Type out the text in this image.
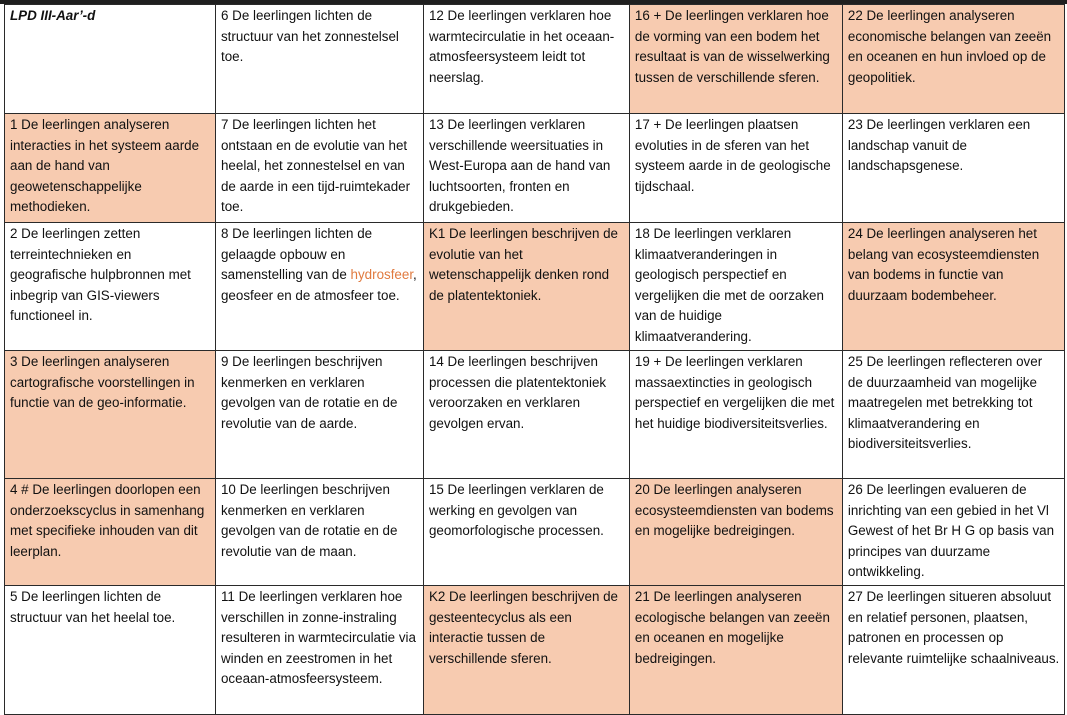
LPD III-Aar’-d	6 De leerlingen lichten de structuur van het zonnestelsel toe.	12 De leerlingen verklaren hoe warmtecirculatie in het oceaan-atmosfeersysteem leidt tot neerslag.	16 + De leerlingen verklaren hoe de vorming van een bodem het resultaat is van de wisselwerking tussen de verschillende sferen.	22 De leerlingen analyseren economische belangen van zeeën en oceanen en hun invloed op de geopolitiek.
1 De leerlingen analyseren interacties in het systeem aarde aan de hand van geowetenschappelijke methodieken.	7 De leerlingen lichten het ontstaan en de evolutie van het heelal, het zonnestelsel en van de aarde in een tijd-ruimtekader toe.	13 De leerlingen verklaren verschillende weersituaties in West-Europa aan de hand van luchtsoorten, fronten en drukgebieden.	17 + De leerlingen plaatsen evoluties in de sferen van het systeem aarde in de geologische tijdschaal.	23 De leerlingen verklaren een landschap vanuit de landschapsgenese.
2 De leerlingen zetten terreintechnieken en geografische hulpbronnen met inbegrip van GIS-viewers functioneel in.	8 De leerlingen lichten de gelaagde opbouw en samenstelling van de hydrosfeer, geosfeer en de atmosfeer toe.	K1 De leerlingen beschrijven de evolutie van het wetenschappelijk denken rond de platentektoniek.	18 De leerlingen verklaren klimaatveranderingen in geologisch perspectief en vergelijken die met de oorzaken van de huidige klimaatverandering.	24 De leerlingen analyseren het belang van ecosysteemdiensten van bodems in functie van duurzaam bodembeheer.
3 De leerlingen analyseren cartografische voorstellingen in functie van de geo-informatie.	9 De leerlingen beschrijven kenmerken en verklaren gevolgen van de rotatie en de revolutie van de aarde.	14 De leerlingen beschrijven processen die platentektoniek veroorzaken en verklaren gevolgen ervan.	19 + De leerlingen verklaren massaextincties in geologisch perspectief en vergelijken die met het huidige biodiversiteitsverlies.	25 De leerlingen reflecteren over de duurzaamheid van mogelijke maatregelen met betrekking tot klimaatverandering en biodiversiteitsverlies.
4 # De leerlingen doorlopen een onderzoekscyclus in samenhang met specifieke inhouden van dit leerplan.	10 De leerlingen beschrijven kenmerken en verklaren gevolgen van de rotatie en de revolutie van de maan.	15 De leerlingen verklaren de werking en gevolgen van geomorfologische processen.	20 De leerlingen analyseren ecosysteemdiensten van bodems en mogelijke bedreigingen.	26 De leerlingen evalueren de inrichting van een gebied in het Vl Gewest of het Br H G op basis van principes van duurzame ontwikkeling.
5 De leerlingen lichten de structuur van het heelal toe.	11 De leerlingen verklaren hoe verschillen in zonne-instraling resulteren in warmtecirculatie via winden en zeestromen in het oceaan-atmosfeersysteem.	K2 De leerlingen beschrijven de gesteentecyclus als een interactie tussen de verschillende sferen.	21 De leerlingen analyseren ecologische belangen van zeeën en oceanen en mogelijke bedreigingen.	27 De leerlingen situeren absoluut en relatief personen, plaatsen, patronen en processen op relevante ruimtelijke schaalniveaus.
